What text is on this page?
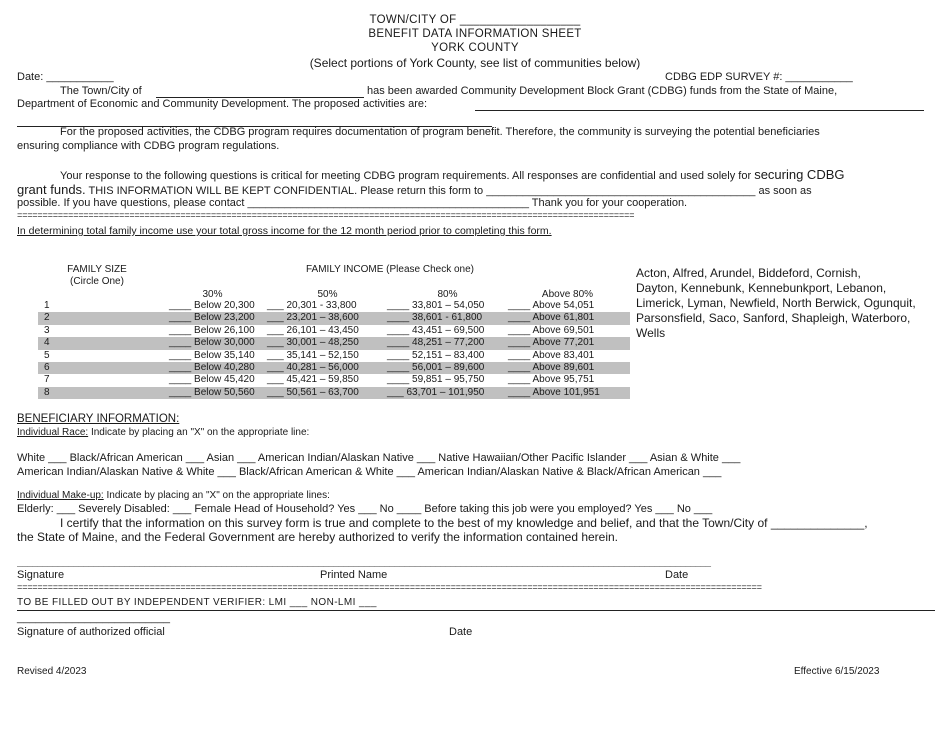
TOWN/CITY OF __________________
BENEFIT DATA INFORMATION SHEET
YORK COUNTY
(Select portions of York County, see list of communities below)
Date: ___________	CDBG EDP SURVEY #: ___________
The Town/City of	has been awarded Community Development Block Grant (CDBG) funds from the State of Maine,
Department of Economic and Community Development. The proposed activities are:
For the proposed activities, the CDBG program requires documentation of program benefit. Therefore, the community is surveying the potential beneficiaries
ensuring compliance with CDBG program regulations.
Your response to the following questions is critical for meeting CDBG program requirements. All responses are confidential and used solely for securing CDBG
grant funds. THIS INFORMATION WILL BE KEPT CONFIDENTIAL. Please return this form to ____________________________________________ as soon as
possible. If you have questions, please contact ______________________________________________ Thank you for your cooperation.
=========================================================================================================================
In determining total family income use your total gross income for the 12 month period prior to completing this form.
FAMILY SIZE
(Circle One)
FAMILY INCOME (Please Check one)
30%	50%	80%	Above 80%
1	____ Below 20,300	___ 20,301 - 33,800	____ 33,801 – 54,050	____ Above 54,051
2	____ Below 23,200	___ 23,201 – 38,600	____ 38,601 - 61,800	____ Above 61,801
3	____ Below 26,100	___ 26,101 – 43,450	____ 43,451 – 69,500	____ Above 69,501
4	____ Below 30,000	___ 30,001 – 48,250	____ 48,251 – 77,200	____ Above 77,201
5	____ Below 35,140	___ 35,141 – 52,150	____ 52,151 – 83,400	____ Above 83,401
6	____ Below 40,280	___ 40,281 – 56,000	____ 56,001 – 89,600	____ Above 89,601
7	____ Below 45,420	___ 45,421 – 59,850	____ 59,851 – 95,750	____ Above 95,751
8	____ Below 50,560	___ 50,561 – 63,700	___ 63,701 – 101,950	____ Above 101,951
Acton, Alfred, Arundel, Biddeford, Cornish,
Dayton, Kennebunk, Kennebunkport, Lebanon,
Limerick, Lyman, Newfield, North Berwick, Ogunquit,
Parsonsfield, Saco, Sanford, Shapleigh, Waterboro,
Wells
BENEFICIARY INFORMATION:
Individual Race: Indicate by placing an "X" on the appropriate line:
White ___ Black/African American ___ Asian ___ American Indian/Alaskan Native ___ Native Hawaiian/Other Pacific Islander ___ Asian & White ___
American Indian/Alaskan Native & White ___ Black/African American & White ___ American Indian/Alaskan Native & Black/African American ___
Individual Make-up: Indicate by placing an "X" on the appropriate lines:
Elderly: ___ Severely Disabled: ___ Female Head of Household? Yes ___ No ____ Before taking this job were you employed? Yes ___ No ___
I certify that the information on this survey form is true and complete to the best of my knowledge and belief, and that the Town/City of ______________,
the State of Maine, and the Federal Government are hereby authorized to verify the information contained herein.
________________________________________________________________________________________________________________________________________
Signature	Printed Name	Date
==================================================================================================================================================
TO BE FILLED OUT BY INDEPENDENT VERIFIER: LMI ___ NON-LMI ___
_________________________
Signature of authorized official	Date
Revised 4/2023	Effective 6/15/2023
